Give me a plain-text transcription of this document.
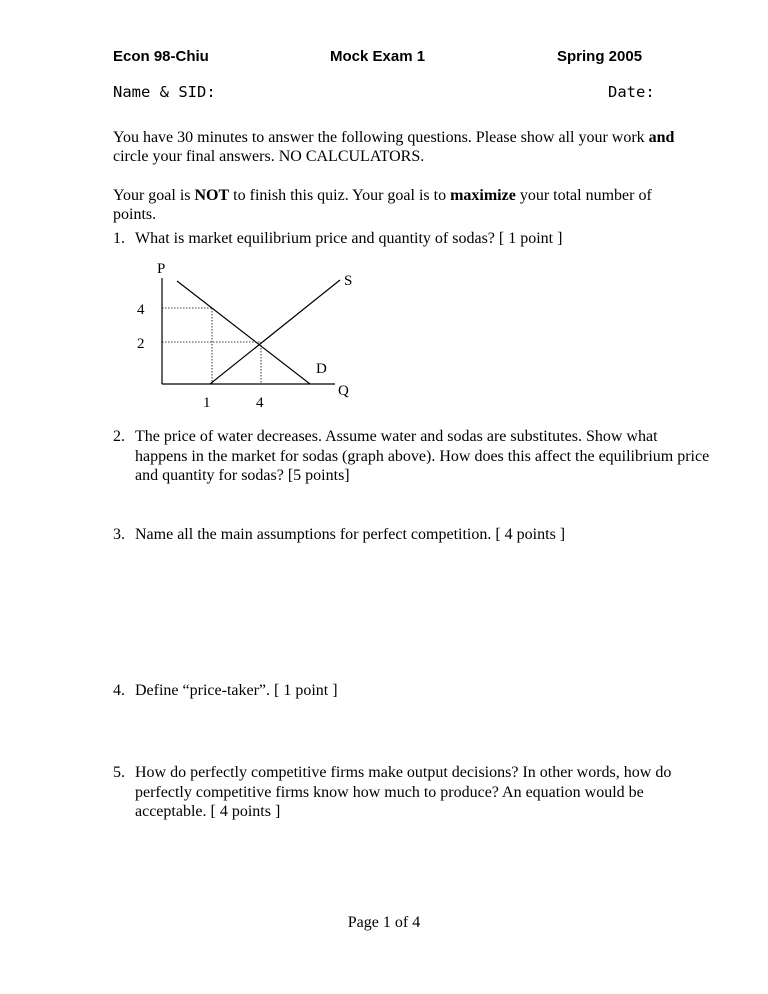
Econ 98-Chiu	Mock Exam 1	Spring 2005
Name & SID:	Date:

You have 30 minutes to answer the following questions. Please show all your work and circle your final answers. NO CALCULATORS.

Your goal is NOT to finish this quiz. Your goal is to maximize your total number of points.

1. What is market equilibrium price and quantity of sodas? [ 1 point ]
P
S
4
2
D
Q
1	4
2. The price of water decreases. Assume water and sodas are substitutes. Show what happens in the market for sodas (graph above). How does this affect the equilibrium price and quantity for sodas? [5 points]
3. Name all the main assumptions for perfect competition. [ 4 points ]
4. Define “price-taker”. [ 1 point ]
5. How do perfectly competitive firms make output decisions? In other words, how do perfectly competitive firms know how much to produce? An equation would be acceptable. [ 4 points ]
Page 1 of 4
